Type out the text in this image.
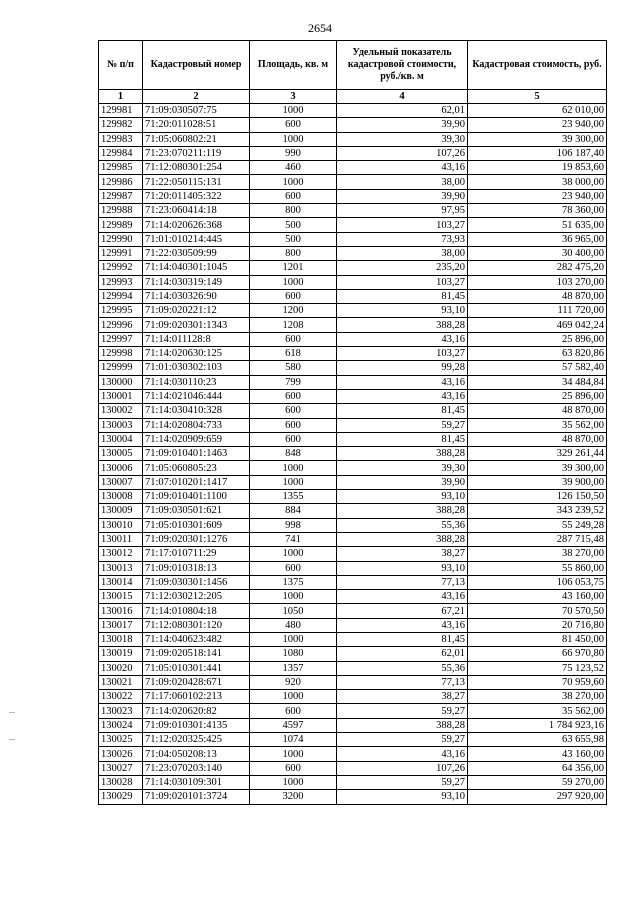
2654
№ п/п	Кадастровый номер	Площадь, кв. м	Удельный показатель кадастровой стоимости, руб./кв. м	Кадастровая стоимость, руб.
1	2	3	4	5
129981	71:09:030507:75	1000	62,01	62 010,00
129982	71:20:011028:51	600	39,90	23 940,00
129983	71:05:060802:21	1000	39,30	39 300,00
129984	71:23:070211:119	990	107,26	106 187,40
129985	71:12:080301:254	460	43,16	19 853,60
129986	71:22:050115:131	1000	38,00	38 000,00
129987	71:20:011405:322	600	39,90	23 940,00
129988	71:23:060414:18	800	97,95	78 360,00
129989	71:14:020626:368	500	103,27	51 635,00
129990	71:01:010214:445	500	73,93	36 965,00
129991	71:22:030509:99	800	38,00	30 400,00
129992	71:14:040301:1045	1201	235,20	282 475,20
129993	71:14:030319:149	1000	103,27	103 270,00
129994	71:14:030326:90	600	81,45	48 870,00
129995	71:09:020221:12	1200	93,10	111 720,00
129996	71:09:020301:1343	1208	388,28	469 042,24
129997	71:14:011128:8	600	43,16	25 896,00
129998	71:14:020630:125	618	103,27	63 820,86
129999	71:01:030302:103	580	99,28	57 582,40
130000	71:14:030110:23	799	43,16	34 484,84
130001	71:14:021046:444	600	43,16	25 896,00
130002	71:14:030410:328	600	81,45	48 870,00
130003	71:14:020804:733	600	59,27	35 562,00
130004	71:14:020909:659	600	81,45	48 870,00
130005	71:09:010401:1463	848	388,28	329 261,44
130006	71:05:060805:23	1000	39,30	39 300,00
130007	71:07:010201:1417	1000	39,90	39 900,00
130008	71:09:010401:1100	1355	93,10	126 150,50
130009	71:09:030501:621	884	388,28	343 239,52
130010	71:05:010301:609	998	55,36	55 249,28
130011	71:09:020301:1276	741	388,28	287 715,48
130012	71:17:010711:29	1000	38,27	38 270,00
130013	71:09:010318:13	600	93,10	55 860,00
130014	71:09:030301:1456	1375	77,13	106 053,75
130015	71:12:030212:205	1000	43,16	43 160,00
130016	71:14:010804:18	1050	67,21	70 570,50
130017	71:12:080301:120	480	43,16	20 716,80
130018	71:14:040623:482	1000	81,45	81 450,00
130019	71:09:020518:141	1080	62,01	66 970,80
130020	71:05:010301:441	1357	55,36	75 123,52
130021	71:09:020428:671	920	77,13	70 959,60
130022	71:17:060102:213	1000	38,27	38 270,00
130023	71:14:020620:82	600	59,27	35 562,00
130024	71:09:010301:4135	4597	388,28	1 784 923,16
130025	71:12:020325:425	1074	59,27	63 655,98
130026	71:04:050208:13	1000	43,16	43 160,00
130027	71:23:070203:140	600	107,26	64 356,00
130028	71:14:030109:301	1000	59,27	59 270,00
130029	71:09:020101:3724	3200	93,10	297 920,00
